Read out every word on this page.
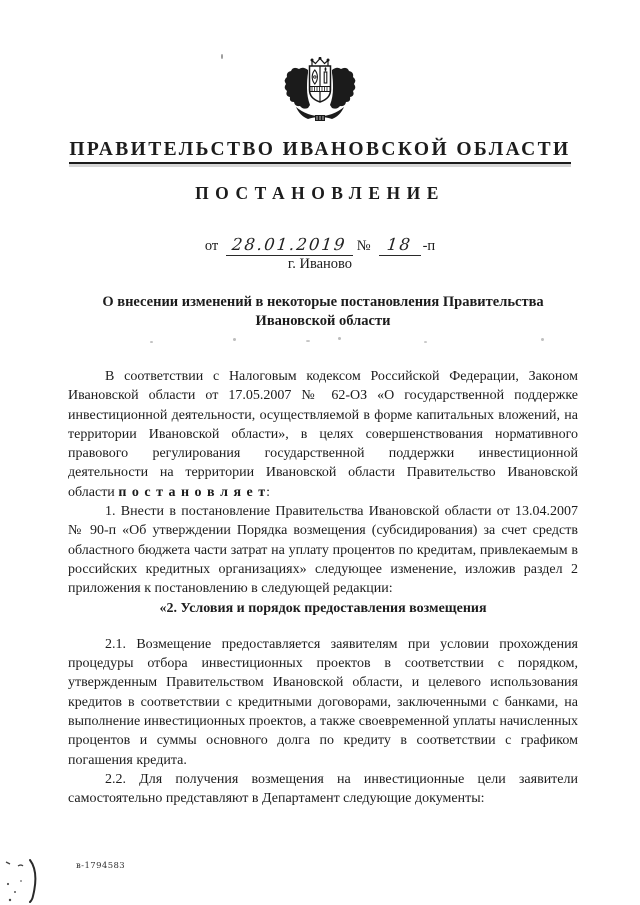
ПРАВИТЕЛЬСТВО ИВАНОВСКОЙ ОБЛАСТИ
ПОСТАНОВЛЕНИЕ
от 28.01.2019 № 18 -п
г. Иваново
О внесении изменений в некоторые постановления Правительства Ивановской области

В соответствии с Налоговым кодексом Российской Федерации, Законом Ивановской области от 17.05.2007 № 62-ОЗ «О государственной поддержке инвестиционной деятельности, осуществляемой в форме капитальных вложений, на территории Ивановской области», в целях совершенствования нормативного правового регулирования государственной поддержки инвестиционной деятельности на территории Ивановской области Правительство Ивановской области п о с т а н о в л я е т:

1. Внести в постановление Правительства Ивановской области от 13.04.2007 № 90-п «Об утверждении Порядка возмещения (субсидирования) за счет средств областного бюджета части затрат на уплату процентов по кредитам, привлекаемым в российских кредитных организациях» следующее изменение, изложив раздел 2 приложения к постановлению в следующей редакции:

«2. Условия и порядок предоставления возмещения

2.1. Возмещение предоставляется заявителям при условии прохождения процедуры отбора инвестиционных проектов в соответствии с порядком, утвержденным Правительством Ивановской области, и целевого использования кредитов в соответствии с кредитными договорами, заключенными с банками, на выполнение инвестиционных проектов, а также своевременной уплаты начисленных процентов и суммы основного долга по кредиту в соответствии с графиком погашения кредита.

2.2. Для получения возмещения на инвестиционные цели заявители самостоятельно представляют в Департамент следующие документы:

в-1794583
